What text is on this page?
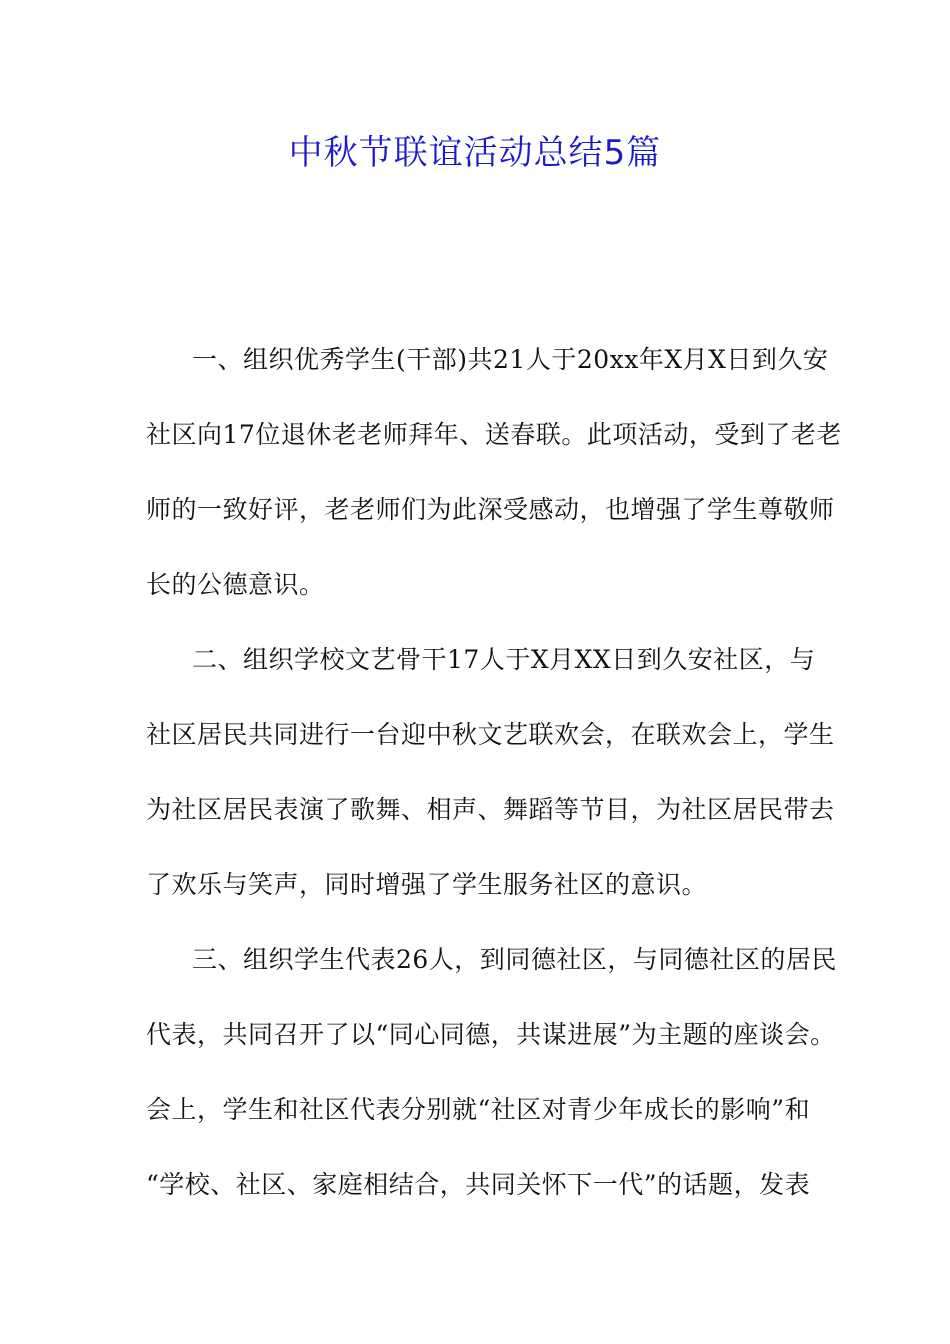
中秋节联谊活动总结5篇
一、组织优秀学生(干部)共21人于20xx年X月X日到久安
社区向17位退休老老师拜年、送春联。此项活动，受到了老老
师的一致好评，老老师们为此深受感动，也增强了学生尊敬师
长的公德意识。
二、组织学校文艺骨干17人于X月XX日到久安社区，与
社区居民共同进行一台迎中秋文艺联欢会，在联欢会上，学生
为社区居民表演了歌舞、相声、舞蹈等节目，为社区居民带去
了欢乐与笑声，同时增强了学生服务社区的意识。
三、组织学生代表26人，到同德社区，与同德社区的居民
代表，共同召开了以“同心同德，共谋进展”为主题的座谈会。
会上，学生和社区代表分别就“社区对青少年成长的影响”和
“学校、社区、家庭相结合，共同关怀下一代”的话题，发表
